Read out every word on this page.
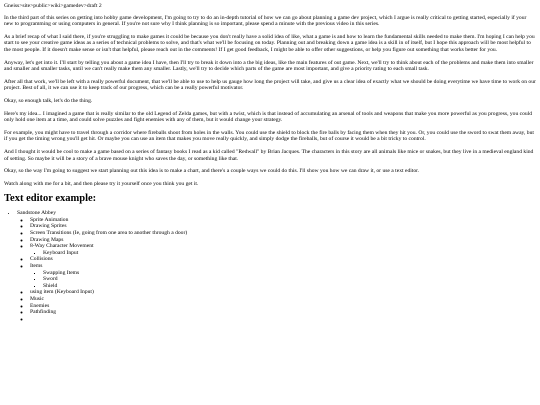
Gneiss>site>public>wiki>gamedev>draft 2

In the third part of this series on getting into hobby game development, I'm going to try to do an in-depth tutorial of how we can go about planning a game dev project, which I argue is really critical to getting started, especially if your new to programming or using computers in general. If you're not sure why I think planning is so important, please spend a minute with the previous video in this series.

As a brief recap of what I said there, if you're struggling to make games it could be because you don't really have a solid idea of like, what a game is and how to learn the fundamental skills needed to make them. I'm hoping I can help you start to see your creative game ideas as a series of technical problems to solve, and that's what we'll be focusing on today. Planning out and breaking down a game idea is a skill in of itself, but I hope this approach will be most helpful to the most people. If it doesn't make sense or isn't that helpful, please reach out in the comments! If I get good feedback, I might be able to offer other suggestions, or help you figure out something that works better for you.

Anyway, let's get into it. I'll start by telling you about a game idea I have, then I'll try to break it down into a the big ideas, like the main features of out game. Next, we'll try to think about each of the problems and make them into smaller and smaller and smaller tasks, until we can't really make them any smaller. Lastly, we'll try to decide which parts of the game are most important, and give a priority rating to each small task.

After all that work, we'll be left with a really powerful document, that we'll be able to use to help us gauge how long the project will take, and give us a clear idea of exactly what we should be doing everytime we have time to work on our project. Best of all, it we can use it to keep track of our progress, which can be a really powerful motivator.

Okay, so enough talk, let's do the thing.

Here's my idea... I imagined a game that is really similar to the old Legend of Zelda games, but with a twist, which is that instead of accumulating an arsenal of tools and weapons that make you more powerful as you progress, you could only hold one item at a time, and could solve puzzles and fight enemies with any of them, but it would change your strategy.

For example, you might have to travel through a corridor where fireballs shoot from holes in the walls. You could use the shield to block the fire balls by facing them when they hit you. Or, you could use the sword to swat them away, but if you get the timing wrong you'll get hit. Or maybe you can use an item that makes you move really quickly, and simply dodge the fireballs, but of course it would be a bit tricky to control.

And I thought it would be cool to make a game based on a series of fantasy books I read as a kid called "Redwall" by Brian Jacques. The characters in this story are all animals like mice or snakes, but they live in a medieval england kind of setting. So maybe it will be a story of a brave mouse knight who saves the day, or something like that.

Okay, so the way I'm going to suggest we start planning out this idea is to make a chart, and there's a couple ways we could do this. I'll show you how we can draw it, or use a text editor.

Watch along with me for a bit, and then please try it yourself once you think you get it.

Text editor example:
• Sandstone Abbey
◦ Sprite Animation
◦ Drawing Sprites
◦ Screen Transitions (Ie, going from one area to another through a door)
◦ Drawing Maps
◦ 8-Way Character Movement
▪ Keyboard Input
◦ Collisions
◦ Items
▪ Swapping Items
▪ Sword
▪ Shield
◦ using item (Keyboard Input)
◦ Music
◦ Enemies
◦ Pathfinding
◦
